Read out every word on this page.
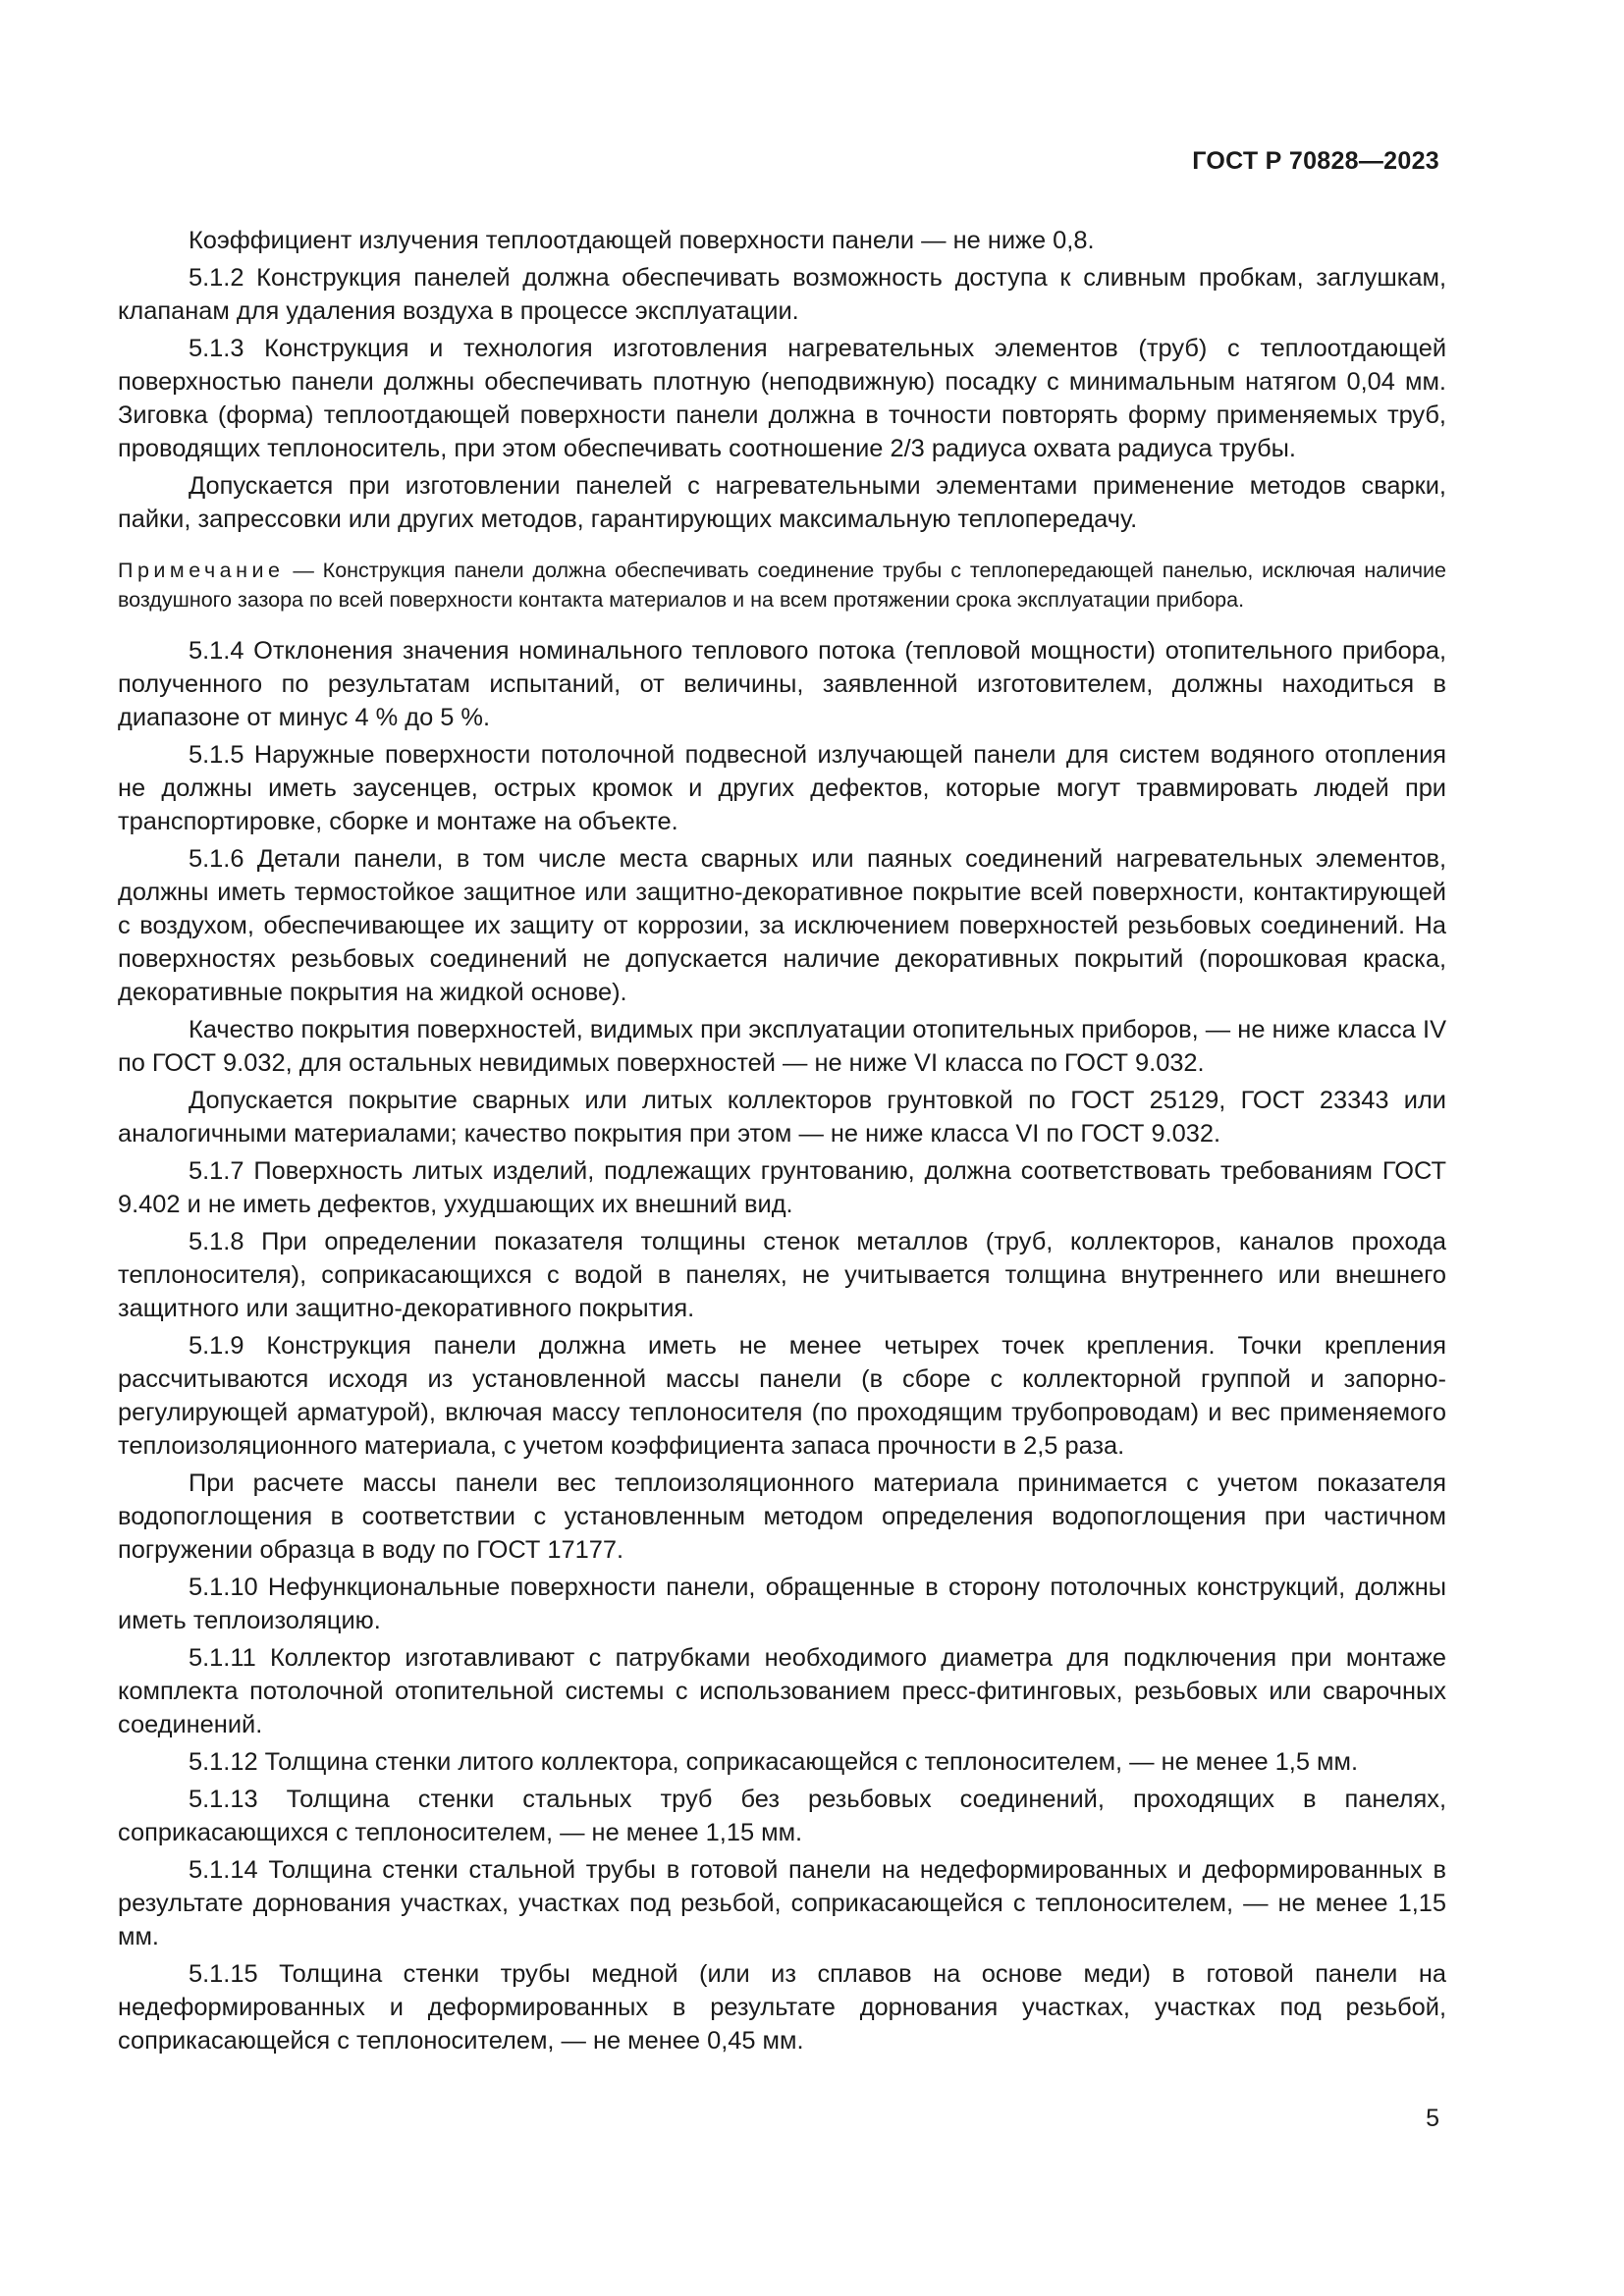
ГОСТ Р 70828—2023

Коэффициент излучения теплоотдающей поверхности панели — не ниже 0,8.

5.1.2 Конструкция панелей должна обеспечивать возможность доступа к сливным пробкам, заглушкам, клапанам для удаления воздуха в процессе эксплуатации.

5.1.3 Конструкция и технология изготовления нагревательных элементов (труб) с теплоотдающей поверхностью панели должны обеспечивать плотную (неподвижную) посадку с минимальным натягом 0,04 мм. Зиговка (форма) теплоотдающей поверхности панели должна в точности повторять форму применяемых труб, проводящих теплоноситель, при этом обеспечивать соотношение 2/3 радиуса охвата радиуса трубы.

Допускается при изготовлении панелей с нагревательными элементами применение методов сварки, пайки, запрессовки или других методов, гарантирующих максимальную теплопередачу.

Примечание — Конструкция панели должна обеспечивать соединение трубы с теплопередающей панелью, исключая наличие воздушного зазора по всей поверхности контакта материалов и на всем протяжении срока эксплуатации прибора.

5.1.4 Отклонения значения номинального теплового потока (тепловой мощности) отопительного прибора, полученного по результатам испытаний, от величины, заявленной изготовителем, должны находиться в диапазоне от минус 4 % до 5 %.

5.1.5 Наружные поверхности потолочной подвесной излучающей панели для систем водяного отопления не должны иметь заусенцев, острых кромок и других дефектов, которые могут травмировать людей при транспортировке, сборке и монтаже на объекте.

5.1.6 Детали панели, в том числе места сварных или паяных соединений нагревательных элементов, должны иметь термостойкое защитное или защитно-декоративное покрытие всей поверхности, контактирующей с воздухом, обеспечивающее их защиту от коррозии, за исключением поверхностей резьбовых соединений. На поверхностях резьбовых соединений не допускается наличие декоративных покрытий (порошковая краска, декоративные покрытия на жидкой основе).

Качество покрытия поверхностей, видимых при эксплуатации отопительных приборов, — не ниже класса IV по ГОСТ 9.032, для остальных невидимых поверхностей — не ниже VI класса по ГОСТ 9.032.

Допускается покрытие сварных или литых коллекторов грунтовкой по ГОСТ 25129, ГОСТ 23343 или аналогичными материалами; качество покрытия при этом — не ниже класса VI по ГОСТ 9.032.

5.1.7 Поверхность литых изделий, подлежащих грунтованию, должна соответствовать требованиям ГОСТ 9.402 и не иметь дефектов, ухудшающих их внешний вид.

5.1.8 При определении показателя толщины стенок металлов (труб, коллекторов, каналов прохода теплоносителя), соприкасающихся с водой в панелях, не учитывается толщина внутреннего или внешнего защитного или защитно-декоративного покрытия.

5.1.9 Конструкция панели должна иметь не менее четырех точек крепления. Точки крепления рассчитываются исходя из установленной массы панели (в сборе с коллекторной группой и запорно-регулирующей арматурой), включая массу теплоносителя (по проходящим трубопроводам) и вес применяемого теплоизоляционного материала, с учетом коэффициента запаса прочности в 2,5 раза.

При расчете массы панели вес теплоизоляционного материала принимается с учетом показателя водопоглощения в соответствии с установленным методом определения водопоглощения при частичном погружении образца в воду по ГОСТ 17177.

5.1.10 Нефункциональные поверхности панели, обращенные в сторону потолочных конструкций, должны иметь теплоизоляцию.

5.1.11 Коллектор изготавливают с патрубками необходимого диаметра для подключения при монтаже комплекта потолочной отопительной системы с использованием пресс-фитинговых, резьбовых или сварочных соединений.

5.1.12 Толщина стенки литого коллектора, соприкасающейся с теплоносителем, — не менее 1,5 мм.

5.1.13 Толщина стенки стальных труб без резьбовых соединений, проходящих в панелях, соприкасающихся с теплоносителем, — не менее 1,15 мм.

5.1.14 Толщина стенки стальной трубы в готовой панели на недеформированных и деформированных в результате дорнования участках, участках под резьбой, соприкасающейся с теплоносителем, — не менее 1,15 мм.

5.1.15 Толщина стенки трубы медной (или из сплавов на основе меди) в готовой панели на недеформированных и деформированных в результате дорнования участках, участках под резьбой, соприкасающейся с теплоносителем, — не менее 0,45 мм.

5
